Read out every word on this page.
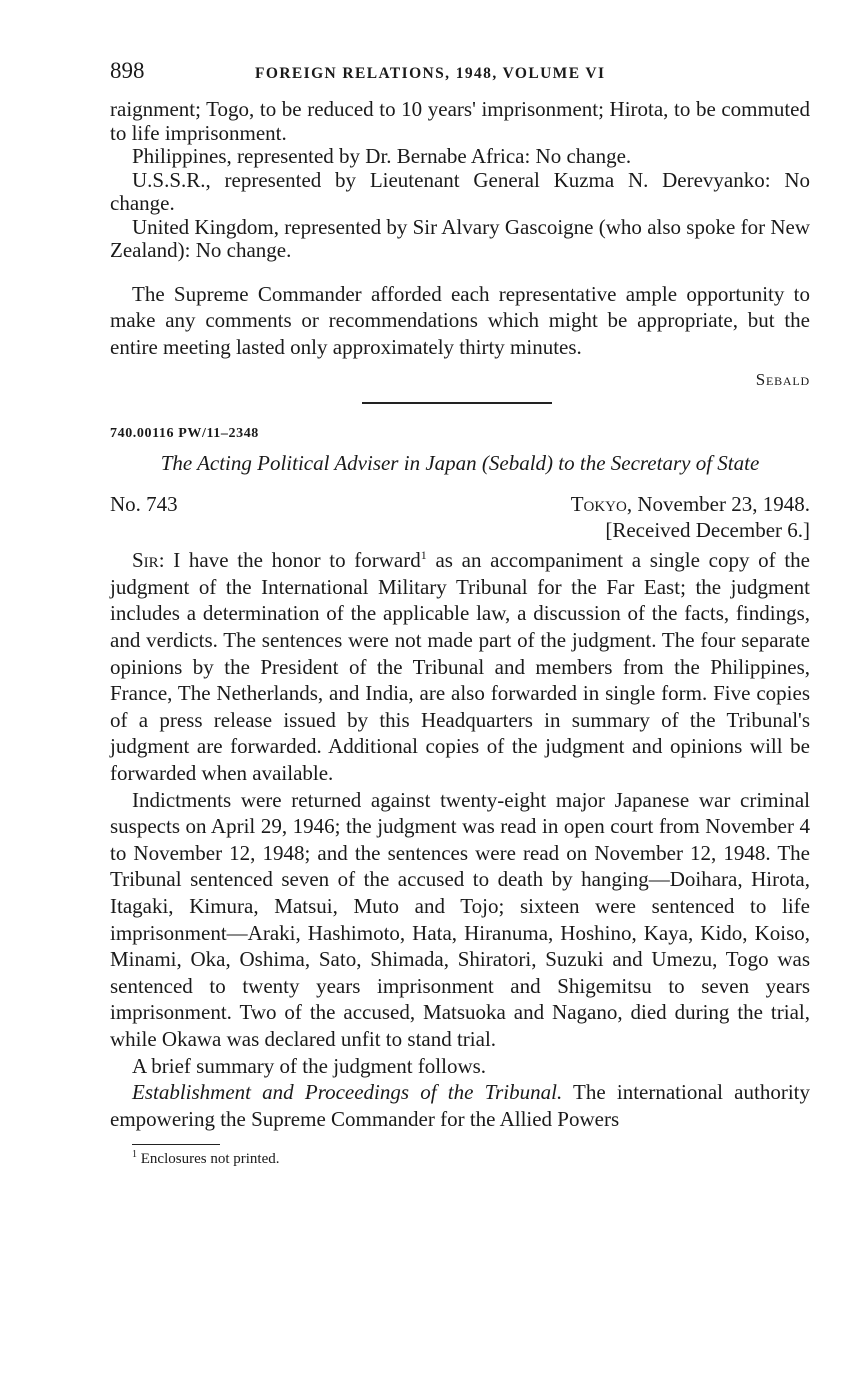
898	FOREIGN RELATIONS, 1948, VOLUME VI

raignment; Togo, to be reduced to 10 years' imprisonment; Hirota, to be commuted to life imprisonment.

Philippines, represented by Dr. Bernabe Africa: No change.

U.S.S.R., represented by Lieutenant General Kuzma N. Derevyanko: No change.

United Kingdom, represented by Sir Alvary Gascoigne (who also spoke for New Zealand): No change.

The Supreme Commander afforded each representative ample opportunity to make any comments or recommendations which might be appropriate, but the entire meeting lasted only approximately thirty minutes.

Sebald
740.00116 PW/11–2348
The Acting Political Adviser in Japan (Sebald) to the Secretary of State
No. 743	Tokyo, November 23, 1948.
[Received December 6.]

Sir: I have the honor to forward$^1$ as an accompaniment a single copy of the judgment of the International Military Tribunal for the Far East; the judgment includes a determination of the applicable law, a discussion of the facts, findings, and verdicts. The sentences were not made part of the judgment. The four separate opinions by the President of the Tribunal and members from the Philippines, France, The Netherlands, and India, are also forwarded in single form. Five copies of a press release issued by this Headquarters in summary of the Tribunal's judgment are forwarded. Additional copies of the judgment and opinions will be forwarded when available.

Indictments were returned against twenty-eight major Japanese war criminal suspects on April 29, 1946; the judgment was read in open court from November 4 to November 12, 1948; and the sentences were read on November 12, 1948. The Tribunal sentenced seven of the accused to death by hanging—Doihara, Hirota, Itagaki, Kimura, Matsui, Muto and Tojo; sixteen were sentenced to life imprisonment—Araki, Hashimoto, Hata, Hiranuma, Hoshino, Kaya, Kido, Koiso, Minami, Oka, Oshima, Sato, Shimada, Shiratori, Suzuki and Umezu, Togo was sentenced to twenty years imprisonment and Shigemitsu to seven years imprisonment. Two of the accused, Matsuoka and Nagano, died during the trial, while Okawa was declared unfit to stand trial.

A brief summary of the judgment follows.

Establishment and Proceedings of the Tribunal. The international authority empowering the Supreme Commander for the Allied Powers

$^1$ Enclosures not printed.
